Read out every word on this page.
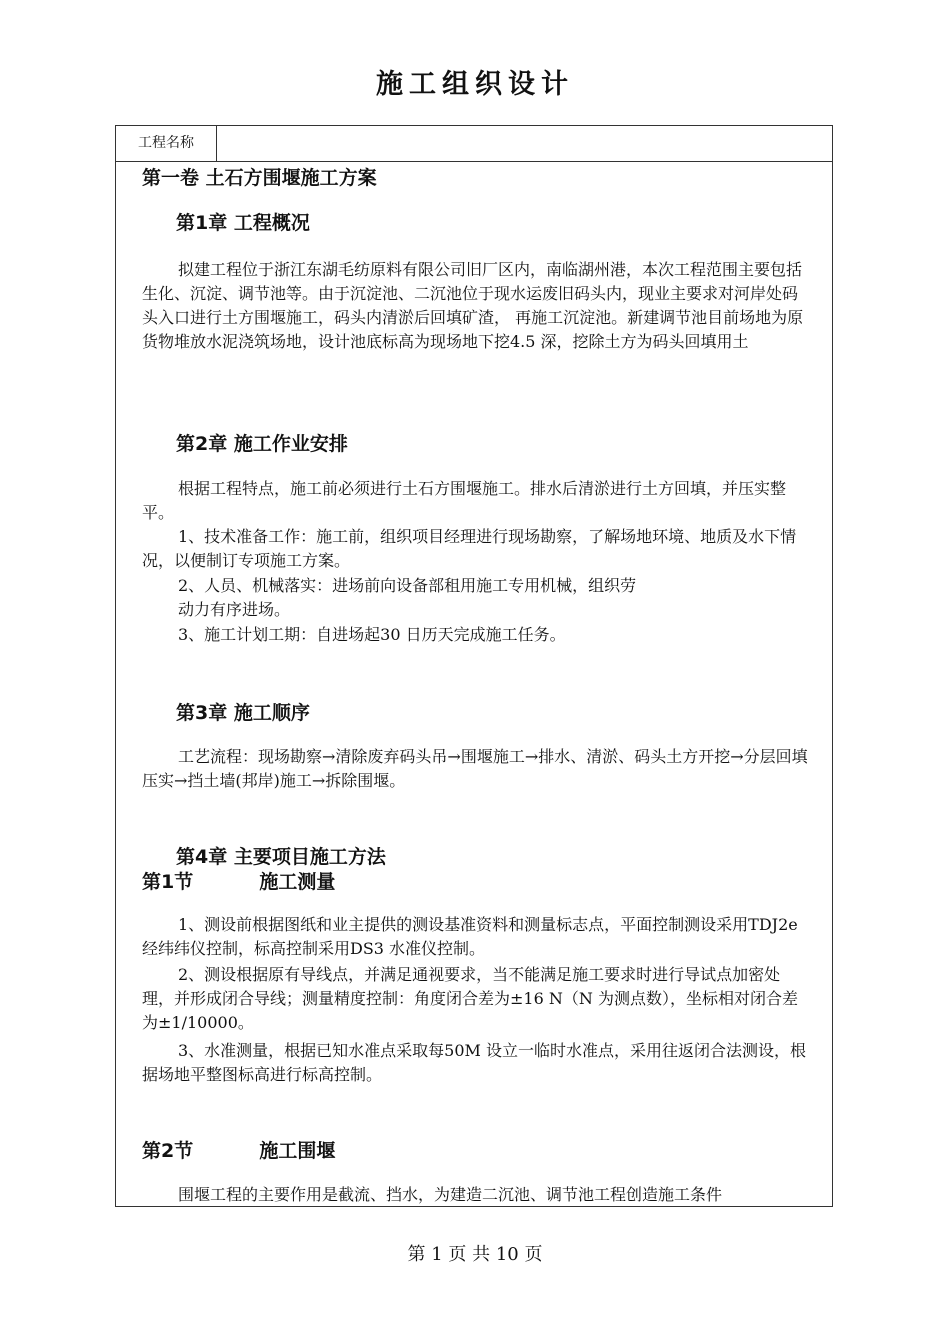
施工组织设计
工程名称
第一卷 土石方围堰施工方案
第1章 工程概况

拟建工程位于浙江东湖毛纺原料有限公司旧厂区内，南临湖州港，本次工程范围主要包括生化、沉淀、调节池等。由于沉淀池、二沉池位于现水运废旧码头内，现业主要求对河岸处码头入口进行土方围堰施工，码头内清淤后回填矿渣， 再施工沉淀池。新建调节池目前场地为原货物堆放水泥浇筑场地，设计池底标高为现场地下挖4.5 深，挖除土方为码头回填用土

第2章 施工作业安排

根据工程特点，施工前必须进行土石方围堰施工。排水后清淤进行土方回填，并压实整平。

1、技术准备工作：施工前，组织项目经理进行现场勘察，了解场地环境、地质及水下情况，以便制订专项施工方案。

2、人员、机械落实：进场前向设备部租用施工专用机械，组织劳

动力有序进场。

3、施工计划工期：自进场起30 日历天完成施工任务。

第3章 施工顺序

工艺流程：现场勘察→清除废弃码头吊→围堰施工→排水、清淤、码头土方开挖→分层回填压实→挡土墙(邦岸)施工→拆除围堰。

第4章 主要项目施工方法
第1节          施工测量

1、测设前根据图纸和业主提供的测设基准资料和测量标志点，平面控制测设采用TDJ2e 经纬纬仪控制，标高控制采用DS3 水准仪控制。

2、测设根据原有导线点，并满足通视要求，当不能满足施工要求时进行导试点加密处理，并形成闭合导线；测量精度控制：角度闭合差为±16 N（N 为测点数），坐标相对闭合差为±1/10000。

3、水准测量，根据已知水准点采取每50M 设立一临时水准点，采用往返闭合法测设，根据场地平整图标高进行标高控制。

第2节          施工围堰

围堰工程的主要作用是截流、挡水，为建造二沉池、调节池工程创造施工条件

第 1 页 共 10 页
